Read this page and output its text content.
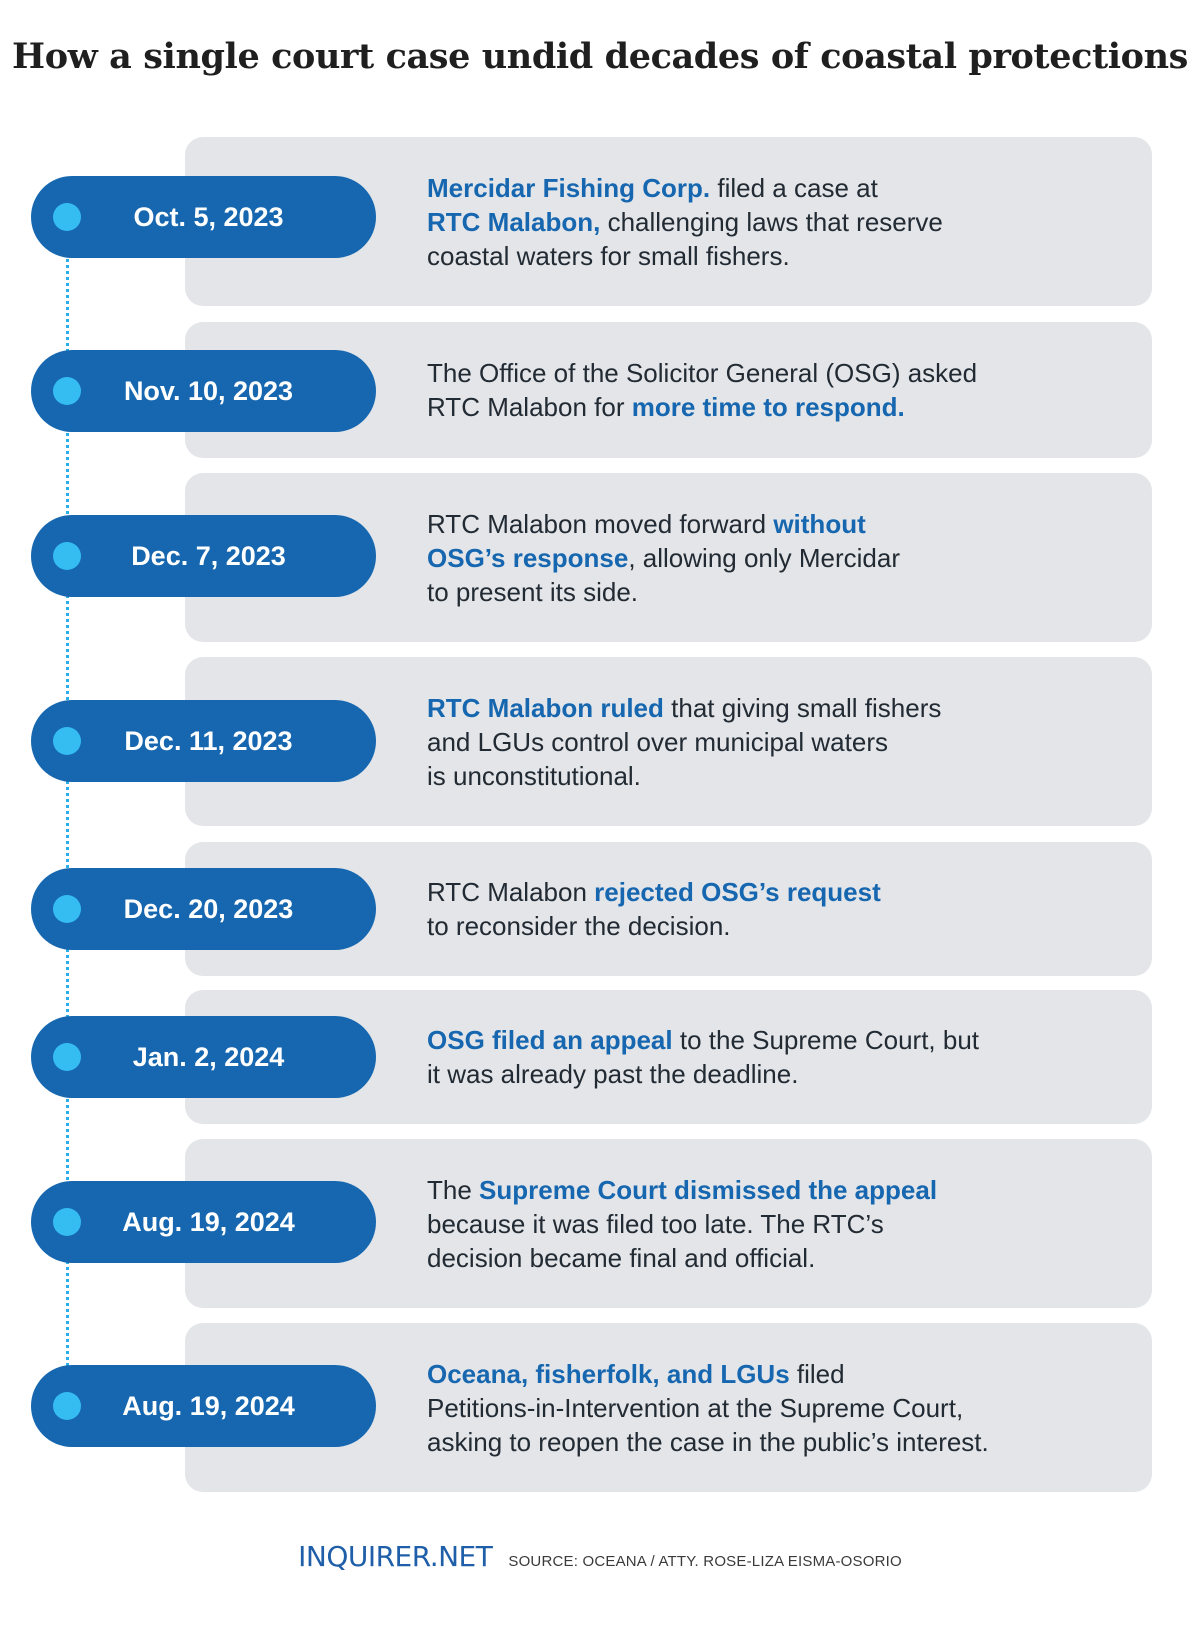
How a single court case undid decades of coastal protections
Mercidar Fishing Corp. filed a case at
RTC Malabon, challenging laws that reserve
coastal waters for small fishers.
Oct. 5, 2023
The Office of the Solicitor General (OSG) asked
RTC Malabon for more time to respond.
Nov. 10, 2023
RTC Malabon moved forward without
OSG’s response, allowing only Mercidar
to present its side.
Dec. 7, 2023
RTC Malabon ruled that giving small fishers
and LGUs control over municipal waters
is unconstitutional.
Dec. 11, 2023
RTC Malabon rejected OSG’s request
to reconsider the decision.
Dec. 20, 2023
OSG filed an appeal to the Supreme Court, but
it was already past the deadline.
Jan. 2, 2024
The Supreme Court dismissed the appeal
because it was filed too late. The RTC’s
decision became final and official.
Aug. 19, 2024
Oceana, fisherfolk, and LGUs filed
Petitions-in-Intervention at the Supreme Court,
asking to reopen the case in the public’s interest.
Aug. 19, 2024
INQUIRER.NET SOURCE: OCEANA / ATTY. ROSE-LIZA EISMA-OSORIO
